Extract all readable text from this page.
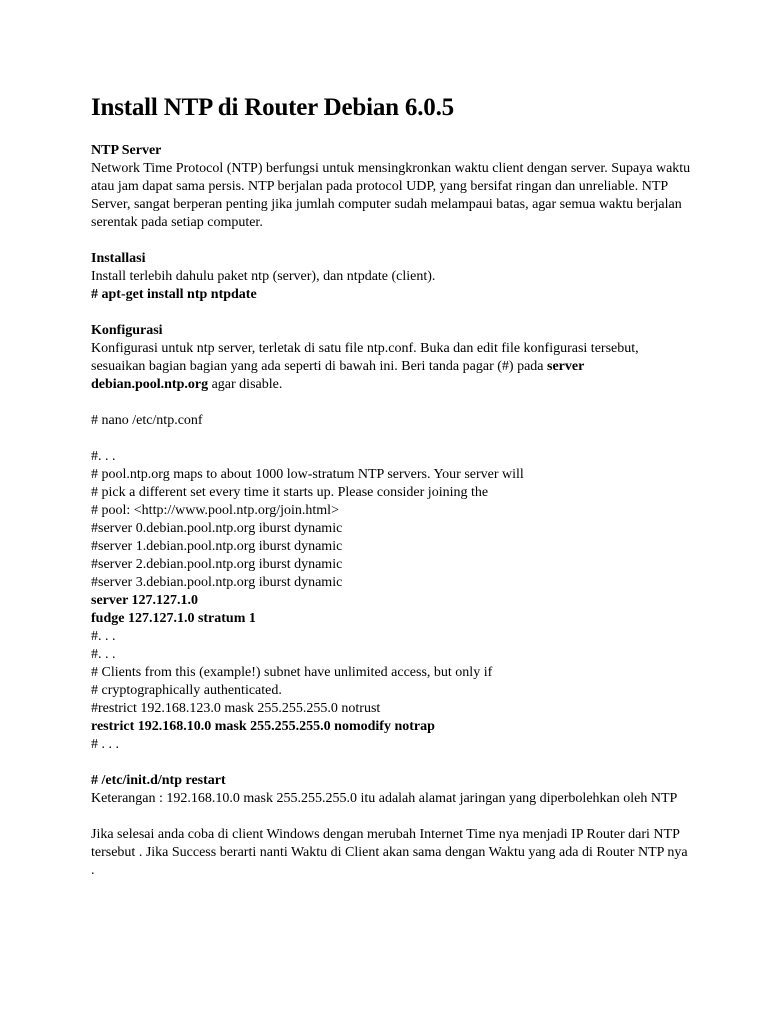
Install NTP di Router Debian 6.0.5
NTP Server

Network Time Protocol (NTP) berfungsi untuk mensingkronkan waktu client dengan server. Supaya waktu atau jam dapat sama persis. NTP berjalan pada protocol UDP, yang bersifat ringan dan unreliable. NTP Server, sangat berperan penting jika jumlah computer sudah melampaui batas, agar semua waktu berjalan serentak pada setiap computer.

Installasi

Install terlebih dahulu paket ntp (server), dan ntpdate (client).

# apt-get install ntp ntpdate
Konfigurasi

Konfigurasi untuk ntp server, terletak di satu file ntp.conf. Buka dan edit file konfigurasi tersebut, sesuaikan bagian bagian yang ada seperti di bawah ini. Beri tanda pagar (#) pada server debian.pool.ntp.org agar disable.

# nano /etc/ntp.conf
#. . .
# pool.ntp.org maps to about 1000 low-stratum NTP servers. Your server will
# pick a different set every time it starts up. Please consider joining the
# pool: <http://www.pool.ntp.org/join.html>
#server 0.debian.pool.ntp.org iburst dynamic
#server 1.debian.pool.ntp.org iburst dynamic
#server 2.debian.pool.ntp.org iburst dynamic
#server 3.debian.pool.ntp.org iburst dynamic
server 127.127.1.0
fudge 127.127.1.0 stratum 1
#. . .
#. . .
# Clients from this (example!) subnet have unlimited access, but only if
# cryptographically authenticated.
#restrict 192.168.123.0 mask 255.255.255.0 notrust
restrict 192.168.10.0 mask 255.255.255.0 nomodify notrap
# . . .
# /etc/init.d/ntp restart

Keterangan : 192.168.10.0 mask 255.255.255.0 itu adalah alamat jaringan yang diperbolehkan oleh NTP

Jika selesai anda coba di client Windows dengan merubah Internet Time nya menjadi IP Router dari NTP tersebut . Jika Success berarti nanti Waktu di Client akan sama dengan Waktu yang ada di Router NTP nya .
